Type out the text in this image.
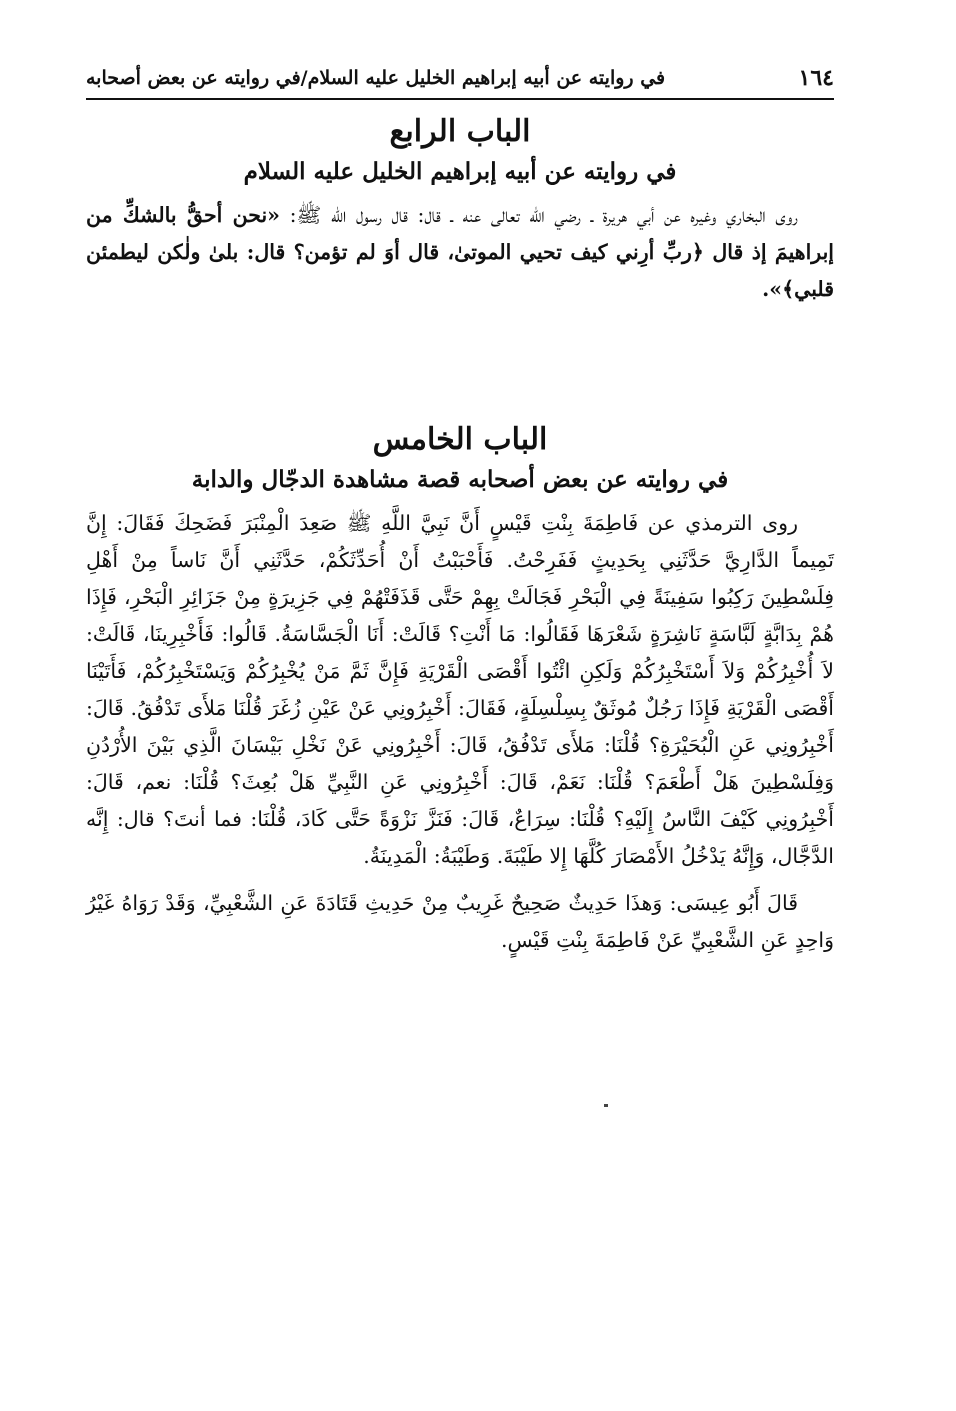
١٦٤
في روايته عن أبيه إبراهيم الخليل عليه السلام/في روايته عن بعض أصحابه
الباب الرابع
في روايته عن أبيه إبراهيم الخليل عليه السلام

روى البخاري وغيره عن أبي هريرة ـ رضي الله تعالى عنه ـ قال: قال رسول الله ﷺ: «نحن أحقُّ بالشكِّ من إبراهيمَ إذ قال ﴿ربِّ أرِني كيف تحيي الموتىٰ، قال أوَ لم تؤمن؟ قال: بلىٰ ولٰكن ليطمئن قلبي﴾».

الباب الخامس
في روايته عن بعض أصحابه قصة مشاهدة الدجّال والدابة

روى الترمذي عن فَاطِمَةَ بِنْتِ قَيْسٍ أَنَّ نَبِيَّ اللَّهِ ﷺ صَعِدَ الْمِنْبَرَ فَضَحِكَ فَقَالَ: إِنَّ تَمِيماً الدَّارِيَّ حَدَّثَنِي بِحَدِيثٍ فَفَرِحْتُ. فَأَحْبَبْتُ أَنْ أُحَدِّثَكُمْ، حَدَّثَنِي أَنَّ نَاساً مِنْ أَهْلِ فِلَسْطِينَ رَكِبُوا سَفِينَةً فِي الْبَحْرِ فَجَالَتْ بِهِمْ حَتَّى قَذَفَتْهُمْ فِي جَزِيرَةٍ مِنْ جَزَائِرِ الْبَحْرِ، فَإِذَا هُمْ بِدَابَّةٍ لَبَّاسَةٍ نَاشِرَةٍ شَعْرَهَا فَقَالُوا: مَا أَنْتِ؟ قَالَتْ: أَنَا الْجَسَّاسَةُ. قَالُوا: فَأَخْبِرِينَا، قَالَتْ: لاَ أُخْبِرُكُمْ وَلاَ أَسْتَخْبِرُكُمْ وَلَكِنِ ائْتُوا أَقْصَى الْقَرْيَةِ فَإِنَّ ثَمَّ مَنْ يُخْبِرُكُمْ وَيَسْتَخْبِرُكُمْ، فَأَتَيْنَا أَقْصَى الْقَرْيَةِ فَإِذَا رَجُلٌ مُوثَقٌ بِسِلْسِلَةٍ، فَقَالَ: أَخْبِرُونِي عَنْ عَيْنِ زُغَرَ قُلْنَا مَلأَى تَدْفُقُ. قَالَ: أَخْبِرُونِي عَنِ الْبُحَيْرَةِ؟ قُلْنَا: مَلأَى تَدْفُقُ، قَالَ: أَخْبِرُونِي عَنْ نَخْلِ بَيْسَانَ الَّذِي بَيْنَ الأُرْدُنِ وَفِلَسْطِينَ هَلْ أَطْعَمَ؟ قُلْنَا: نَعَمْ، قَالَ: أَخْبِرُونِي عَنِ النَّبِيِّ هَلْ بُعِثَ؟ قُلْنَا: نعم، قَالَ: أَخْبِرُونِي كَيْفَ النَّاسُ إِلَيْهِ؟ قُلْنَا: سِرَاعٌ، قَالَ: فَنَزَّ نَزْوَةً حَتَّى كَادَ، قُلْنَا: فما أنتَ؟ قال: إِنَّه الدَّجَّال، وَإِنَّهُ يَدْخُلُ الأَمْصَارَ كُلَّهَا إِلا طَيْبَةَ. وَطَيْبَةُ: الْمَدِينَةُ.

قَالَ أَبُو عِيسَى: وَهذَا حَدِيثٌ صَحِيحٌ غَرِيبٌ مِنْ حَدِيثِ قَتَادَةَ عَنِ الشَّعْبِيِّ، وَقَدْ رَوَاهُ غَيْرُ وَاحِدٍ عَنِ الشَّعْبِيِّ عَنْ فَاطِمَةَ بِنْتِ قَيْسٍ.
